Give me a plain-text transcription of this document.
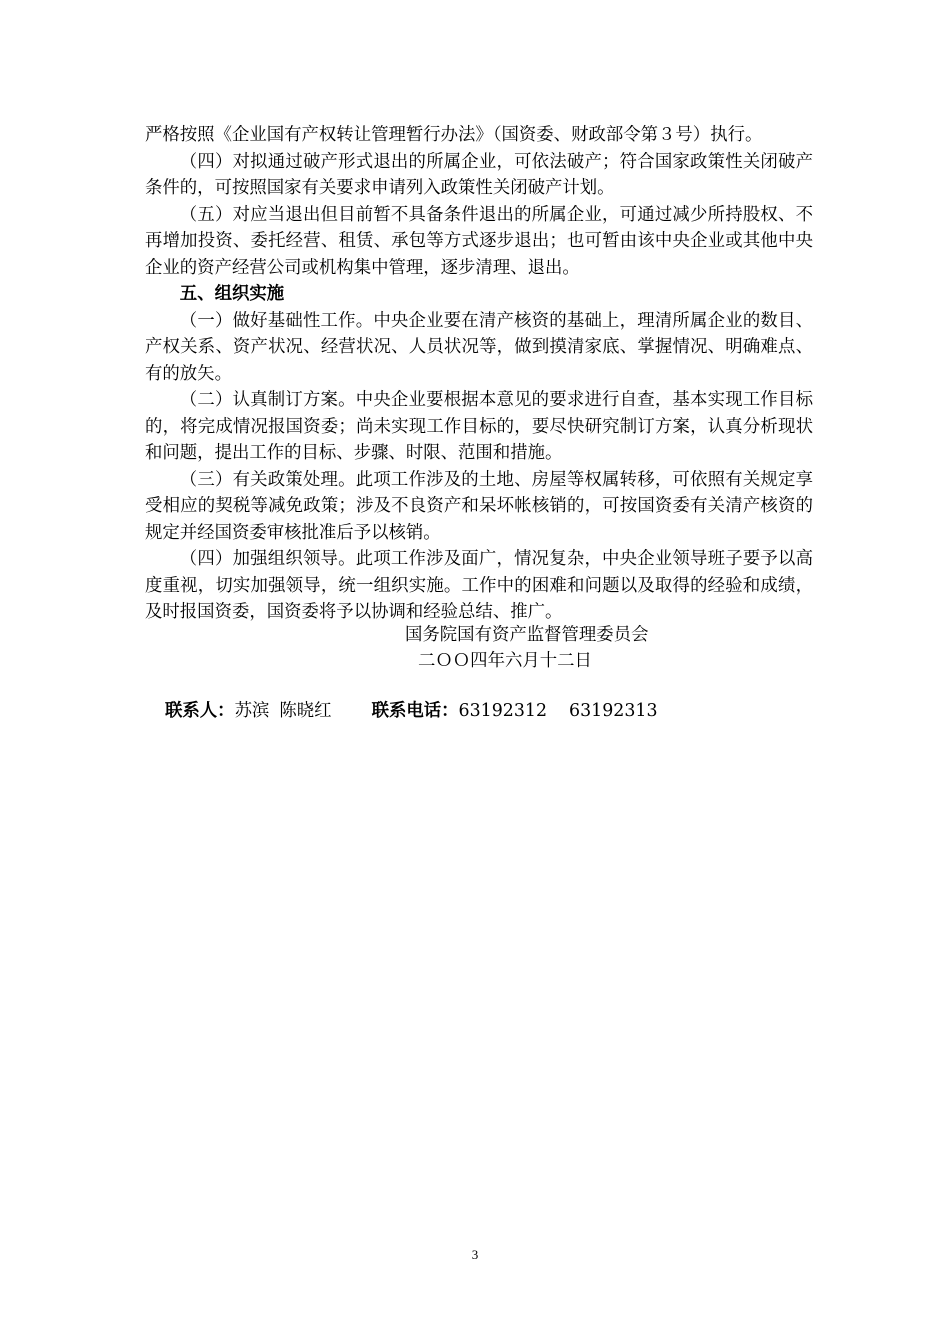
严格按照《企业国有产权转让管理暂行办法》（国资委、财政部令第３号）执行。

（四）对拟通过破产形式退出的所属企业，可依法破产；符合国家政策性关闭破产条件的，可按照国家有关要求申请列入政策性关闭破产计划。

（五）对应当退出但目前暂不具备条件退出的所属企业，可通过减少所持股权、不再增加投资、委托经营、租赁、承包等方式逐步退出；也可暂由该中央企业或其他中央企业的资产经营公司或机构集中管理，逐步清理、退出。

五、组织实施

（一）做好基础性工作。中央企业要在清产核资的基础上，理清所属企业的数目、产权关系、资产状况、经营状况、人员状况等，做到摸清家底、掌握情况、明确难点、有的放矢。

（二）认真制订方案。中央企业要根据本意见的要求进行自查，基本实现工作目标的，将完成情况报国资委；尚未实现工作目标的，要尽快研究制订方案，认真分析现状和问题，提出工作的目标、步骤、时限、范围和措施。

（三）有关政策处理。此项工作涉及的土地、房屋等权属转移，可依照有关规定享受相应的契税等减免政策；涉及不良资产和呆坏帐核销的，可按国资委有关清产核资的规定并经国资委审核批准后予以核销。

（四）加强组织领导。此项工作涉及面广，情况复杂，中央企业领导班子要予以高度重视，切实加强领导，统一组织实施。工作中的困难和问题以及取得的经验和成绩，及时报国资委，国资委将予以协调和经验总结、推广。

国务院国有资产监督管理委员会
二ＯＯ四年六月十二日
联系人：苏滨 陈晓红 联系电话：63192312 63192313
3
